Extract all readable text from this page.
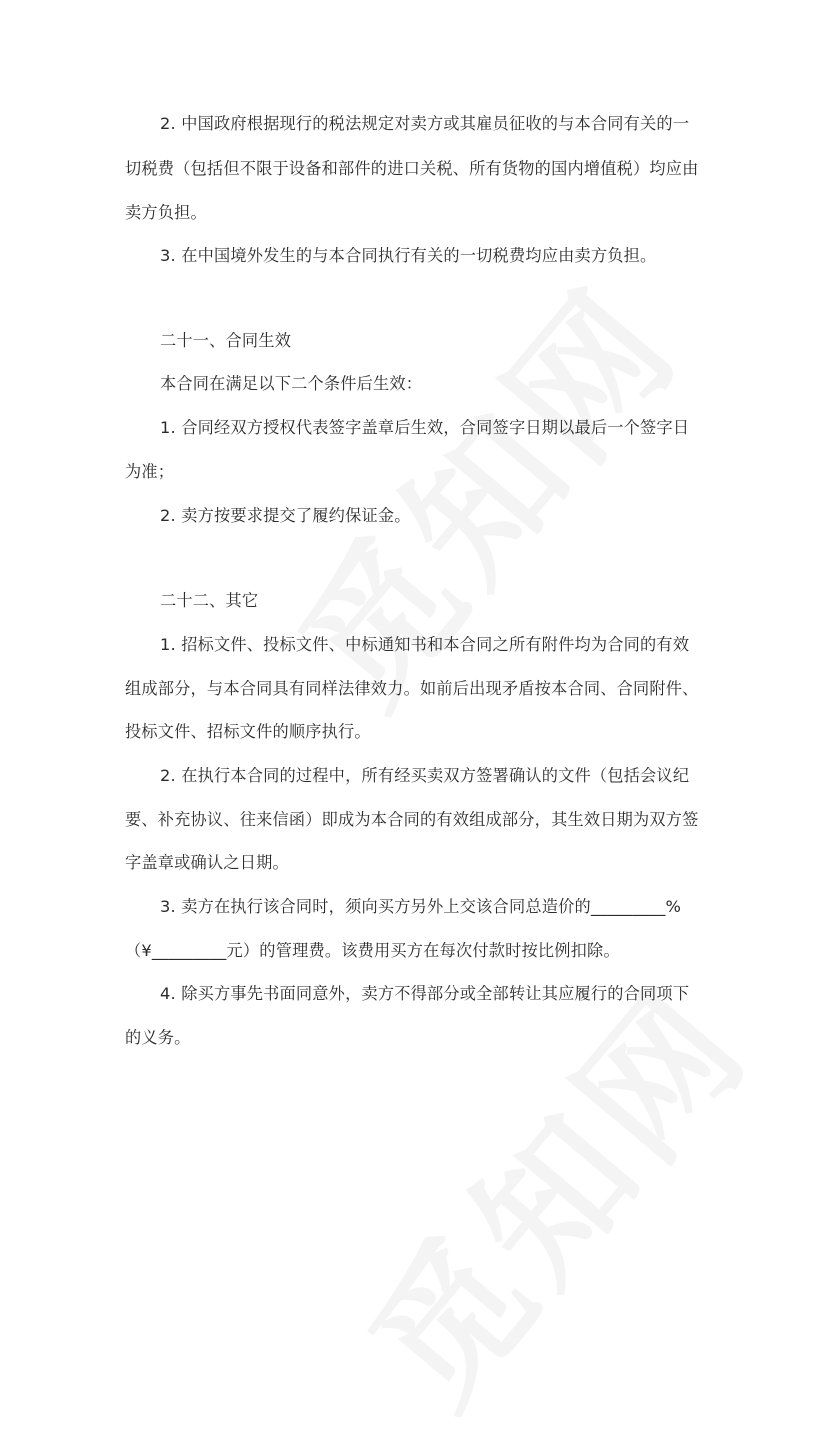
2. 中国政府根据现行的税法规定对卖方或其雇员征收的与本合同有关的一

切税费（包括但不限于设备和部件的进口关税、所有货物的国内增值税）均应由

卖方负担。

3. 在中国境外发生的与本合同执行有关的一切税费均应由卖方负担。

二十一、合同生效

本合同在满足以下二个条件后生效：

1. 合同经双方授权代表签字盖章后生效，合同签字日期以最后一个签字日

为准；

2. 卖方按要求提交了履约保证金。

二十二、其它

1. 招标文件、投标文件、中标通知书和本合同之所有附件均为合同的有效

组成部分，与本合同具有同样法律效力。如前后出现矛盾按本合同、合同附件、

投标文件、招标文件的顺序执行。

2. 在执行本合同的过程中，所有经买卖双方签署确认的文件（包括会议纪

要、补充协议、往来信函）即成为本合同的有效组成部分，其生效日期为双方签

字盖章或确认之日期。

3. 卖方在执行该合同时，须向买方另外上交该合同总造价的_________%

（¥_________元）的管理费。该费用买方在每次付款时按比例扣除。

4. 除买方事先书面同意外，卖方不得部分或全部转让其应履行的合同项下

的义务。
